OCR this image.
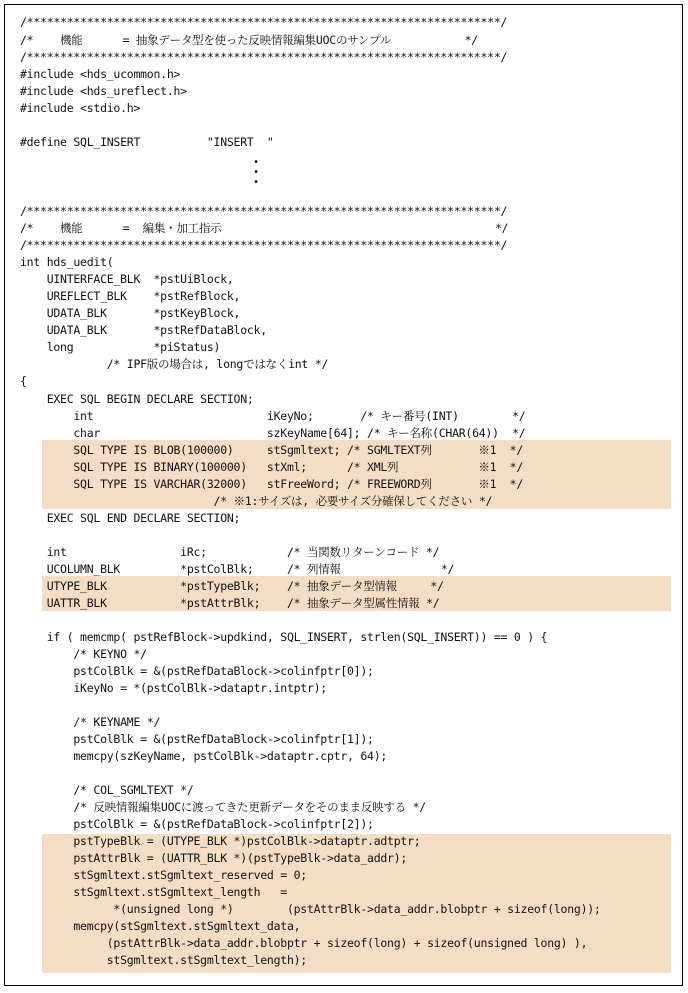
/***********************************************************************/
/*    機能      = 抽象データ型を使った反映情報編集UOCのサンプル           */
/***********************************************************************/
#include <hds_ucommon.h>
#include <hds_ureflect.h>
#include <stdio.h>
#define SQL_INSERT          "INSERT  "
•
•
•
/***********************************************************************/
/*    機能      =  編集・加工指示                                         */
/***********************************************************************/
int hds_uedit(
UINTERFACE_BLK  *pstUiBlock,
UREFLECT_BLK    *pstRefBlock,
UDATA_BLK       *pstKeyBlock,
UDATA_BLK       *pstRefDataBlock,
long            *piStatus)
/* IPF版の場合は, longではなくint */
{
EXEC SQL BEGIN DECLARE SECTION;
int                          iKeyNo;       /* キー番号(INT)        */
char                         szKeyName[64]; /* キー名称(CHAR(64))  */
SQL TYPE IS BLOB(100000)     stSgmltext; /* SGMLTEXT列       ※1  */
SQL TYPE IS BINARY(100000)   stXml;      /* XML列            ※1  */
SQL TYPE IS VARCHAR(32000)   stFreeWord; /* FREEWORD列       ※1  */
/* ※1:サイズは, 必要サイズ分確保してください */
EXEC SQL END DECLARE SECTION;
int                 iRc;            /* 当関数リターンコード */
UCOLUMN_BLK         *pstColBlk;     /* 列情報               */
UTYPE_BLK           *pstTypeBlk;    /* 抽象データ型情報     */
UATTR_BLK           *pstAttrBlk;    /* 抽象データ型属性情報 */
if ( memcmp( pstRefBlock->updkind, SQL_INSERT, strlen(SQL_INSERT)) == 0 ) {
/* KEYNO */
pstColBlk = &(pstRefDataBlock->colinfptr[0]);
iKeyNo = *(pstColBlk->dataptr.intptr);
/* KEYNAME */
pstColBlk = &(pstRefDataBlock->colinfptr[1]);
memcpy(szKeyName, pstColBlk->dataptr.cptr, 64);
/* COL_SGMLTEXT */
/* 反映情報編集UOCに渡ってきた更新データをそのまま反映する */
pstColBlk = &(pstRefDataBlock->colinfptr[2]);
pstTypeBlk = (UTYPE_BLK *)pstColBlk->dataptr.adtptr;
pstAttrBlk = (UATTR_BLK *)(pstTypeBlk->data_addr);
stSgmltext.stSgmltext_reserved = 0;
stSgmltext.stSgmltext_length   =
*(unsigned long *)        (pstAttrBlk->data_addr.blobptr + sizeof(long));
memcpy(stSgmltext.stSgmltext_data,
(pstAttrBlk->data_addr.blobptr + sizeof(long) + sizeof(unsigned long) ),
stSgmltext.stSgmltext_length);
